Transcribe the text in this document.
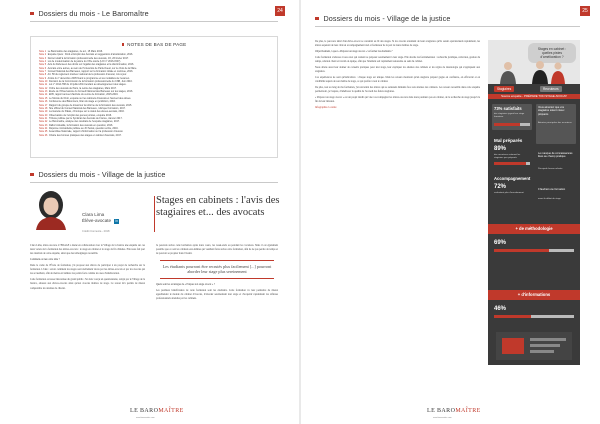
24
Dossiers du mois - Le Baromaître
NOTES DE BAS DE PAGE
Note 1 Le Baromaître des stagiaires, 2e éd., 15 Mars 2016.
Note 2 Enquête Ipsos : Droit et Emploi des Avocats et suggestions d'amélioration, 2016.
Note 3 Décret relatif à la formation professionnelle des avocats, JO, 26 février 2017.
Note 4 Loi de modernisation de la justice du XXIe siècle (LOI n° 2016-1547).
Note 5 Avis du Défenseur des droits sur l'égalité des stagiaires et la discrimination, 2016.
Note 6 Avocats entre autres, au sein de l'Université de Paris-Ouest, sur le choix de la filière.
Note 7 Conseil National des Barreaux, rapport sur la formation initiale et continue, 2016.
Note 8 Art. 58 du règlement intérieur national de la profession d'avocat, mis à jour.
Note 9 Arrêté du 7 décembre 2005 fixant le programme et les modalités de l'examen.
Note 10 Décision de la Commission de la formation professionnelle du CNB, Juin 2016.
Note 11 Loi n° 2014-788 du 10 juillet 2014 tendant au développement des stages.
Note 12 Ordre des avocats de Paris, la Lettre des stagiaires, Mars 2017.
Note 13 Étude de l'Observatoire du Conseil National des Barreaux sur les stages, 2016.
Note 14 EFB, rapport annuel d'activité du centre de formation, 2015-2016.
Note 15 Le Monde du Droit, enquête sur les cabinets d'avocats et l'accueil des élèves.
Note 16 Conférence des Bâtonniers, bilan du stage en juridiction, 2016.
Note 17 Rapport du groupe de travail sur la réforme de la formation des avocats, 2015.
Note 18 Site officiel du Conseil National des Barreaux, rubrique Formation, 2017.
Note 19 La Gazette du Palais, chronique sur le statut des élèves-avocats, 2016.
Note 20 Observatoire de l'emploi des jeunes juristes, enquête 2016.
Note 21 Tribune publiée par le Syndicat des Avocats de France, Janvier 2017.
Note 22 Le Baromaître, analyse des résultats de l'enquête stagiaires, 2017.
Note 23 Dalloz Actualité, la formation des avocats en question, 2016.
Note 24 Réponse ministérielle publiée au JO Sénat, question écrite, 2016.
Note 25 Assemblée Nationale, rapport d'information sur la profession d'avocat.
Note 26 Charte des bonnes pratiques des stages en cabinet d'avocats, 2017.
Dossiers du mois - Village de la justice
Clara Lima
Élève-avocate in
Crédit iConnecta - 2018
Stages en cabinets : l'avis des stagiaires et... des avocats

Clara Lima, élève-avocate à l'EDAGE a mené en collaboration avec le Village de la Justice une enquête sur ces deux volets de la formation des élèves-avocats : le stage en cabinet et le stage de fin d'études. Elle nous fait part des résultats de cette enquête, ainsi que des témoignages recueillis.

Comment est née cette idée ?

Dans le cadre de l'École de formation, j'ai proposé aux élèves de participer à un projet de recherche sur la formation. L'idée : savoir comment les stages sont réellement vécus par les élèves-avocats et par les avocats qui les accueillent, afin de mettre en lumière les points forts comme les axes d'amélioration.

Cette formation est assez méconnue du grand public. J'ai donc conçu un questionnaire, relayé par le Village de la Justice, adressé aux élèves-avocats ainsi qu'aux avocats maîtres de stage. Ce retour m'a permis de mieux comprendre les attentes de chacun.

Je pourrais suivre cette formation après leurs cours, les week-ends ou pendant les vacances. Mais il est également possible que ce soit les cabinets eux-mêmes qui veuillent faire suivre cette formation, afin de ne pas perdre de temps et de pouvoir se projeter dans l'avenir.

Les étudiants pourront être recrutés plus facilement [...] pourront aborder leur stage plus sereinement

Quels sont les avantages de « Prépare ton stage avocat » ?

Les premiers bénéficiaires de cette formation sont les étudiants. Cette formation va leur permettre de mieux appréhender le monde du cabinet d'avocats, d'aborder sereinement leur stage et d'acquérir rapidement les réflexes professionnels attendus par les cabinets.

LE BAROMAÎTRE
www.baromaitre.com
25
Dossiers du mois - Village de la justice

De plus, le parcours idéal d'un élève-avocat se construit au fil des stages. Si les avocats attendent de leurs stagiaires qu'ils soient opérationnels rapidement, les élèves espèrent de leur côté un accompagnement réel et formateur de la part de leurs maîtres de stage.

Objectivement, à quoi « Prépare ton stage avocat » va former les étudiants ?

Cette formation s'adresse à tous ceux qui veulent se préparer sereinement à leur stage. Elle aborde les fondamentaux : recherche juridique, rédaction, gestion du temps, relation client et travail en équipe, afin que l'étudiant soit rapidement autonome au sein du cabinet.

Nous allons aussi leur donner de conseils pratiques pour leur stage, leur expliquer les attentes des cabinets et les règles de déontologie qui s'appliquent aux stagiaires.

Ces expériences ne sont qu'indicatives : chaque stage est unique. Mais les retours montrent qu'un stagiaire préparé gagne en confiance, en efficacité et en crédibilité auprès de son maître de stage, ce qui profite à tout le cabinet.

De plus, tout au long de ma formation, j'ai rencontré des élèves qui se sentaient démunis face aux attentes des cabinets. Les retours recueillis dans cette enquête permettront, je l'espère, d'améliorer la qualité de l'accueil des futurs stagiaires.

« Prépare ton stage avocat » est un projet inédit qui vise à accompagner les élèves-avocats dans leurs premiers pas en cabinet, de la recherche de stage jusqu'à la fin de leur mission.

Infographie ci-contre

Stages en cabinet :
quelles pistes
d'amélioration ?
Stagiaires	Recruteurs
Source enquête - PRÉPARE TON STAGE AVOCAT
73% satisfaits
des stagiaires jugent leur stage formateur
Mal préparés
89%
des recruteurs estiment les stagiaires peu préparés
Accompagnement
72%
souhaitent plus d'encadrement
+ de méthodologie
69%
+ d'informations
46%
Vous aimeriez que vos stagiaires soient mieux préparés
Attentes principales des recruteurs
Le manque de connaissances liées au champ pratique
Principale lacune relevée
Il faudrait une formation
avant le début du stage
LE BAROMAÎTRE
www.baromaitre.com
